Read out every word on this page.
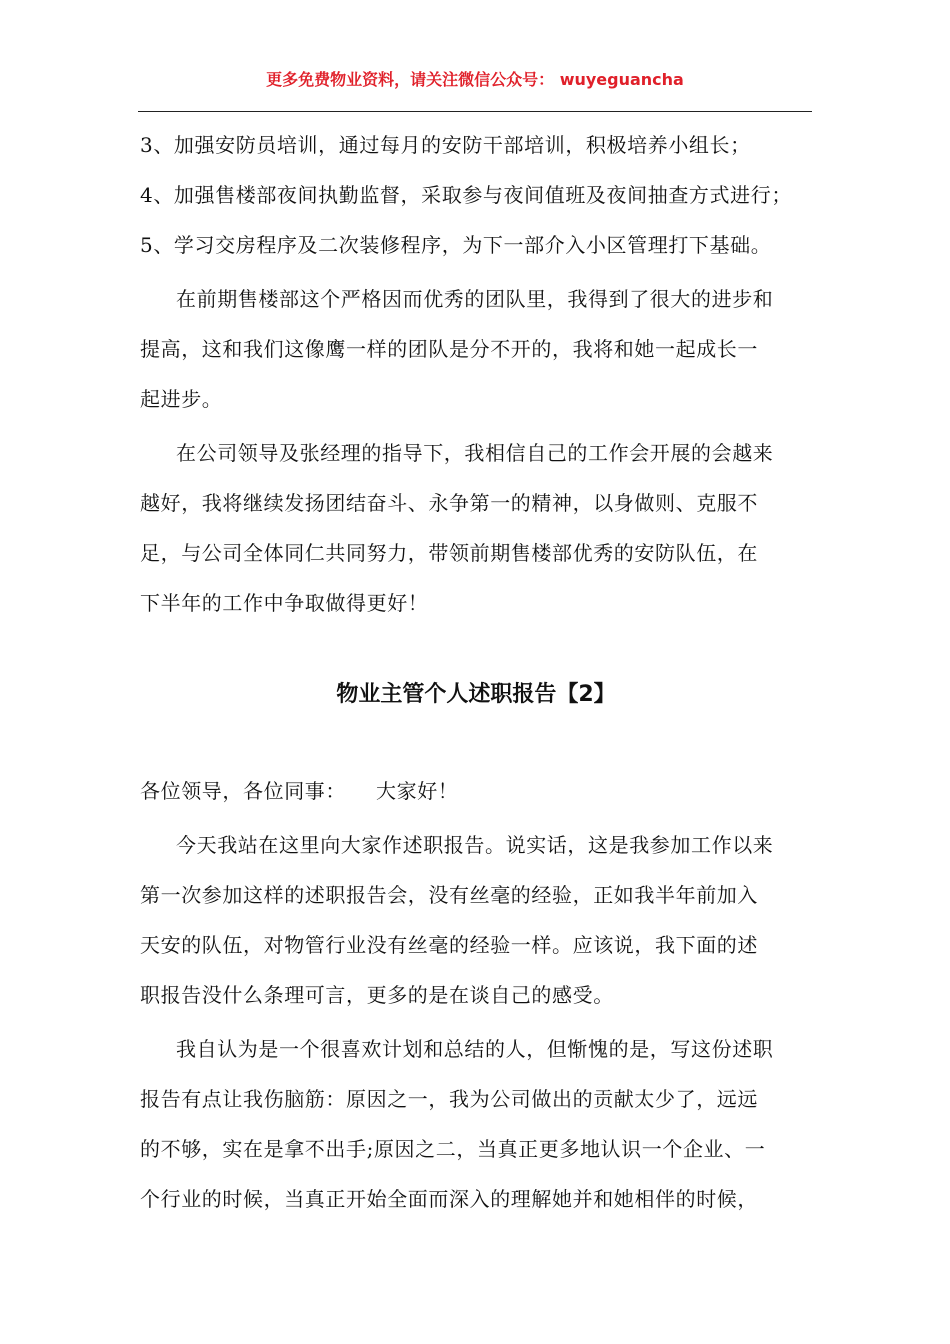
更多免费物业资料，请关注微信公众号： wuyeguancha
3、加强安防员培训，通过每月的安防干部培训，积极培养小组长；
4、加强售楼部夜间执勤监督，采取参与夜间值班及夜间抽查方式进行；
5、学习交房程序及二次装修程序，为下一部介入小区管理打下基础。
在前期售楼部这个严格因而优秀的团队里，我得到了很大的进步和
提高，这和我们这像鹰一样的团队是分不开的，我将和她一起成长一
起进步。
在公司领导及张经理的指导下，我相信自己的工作会开展的会越来
越好，我将继续发扬团结奋斗、永争第一的精神，以身做则、克服不
足，与公司全体同仁共同努力，带领前期售楼部优秀的安防队伍，在
下半年的工作中争取做得更好！
物业主管个人述职报告【2】
各位领导，各位同事： 大家好！
今天我站在这里向大家作述职报告。说实话，这是我参加工作以来
第一次参加这样的述职报告会，没有丝毫的经验，正如我半年前加入
天安的队伍，对物管行业没有丝毫的经验一样。应该说，我下面的述
职报告没什么条理可言，更多的是在谈自己的感受。
我自认为是一个很喜欢计划和总结的人，但惭愧的是，写这份述职
报告有点让我伤脑筋：原因之一，我为公司做出的贡献太少了，远远
的不够，实在是拿不出手;原因之二，当真正更多地认识一个企业、一
个行业的时候，当真正开始全面而深入的理解她并和她相伴的时候，
